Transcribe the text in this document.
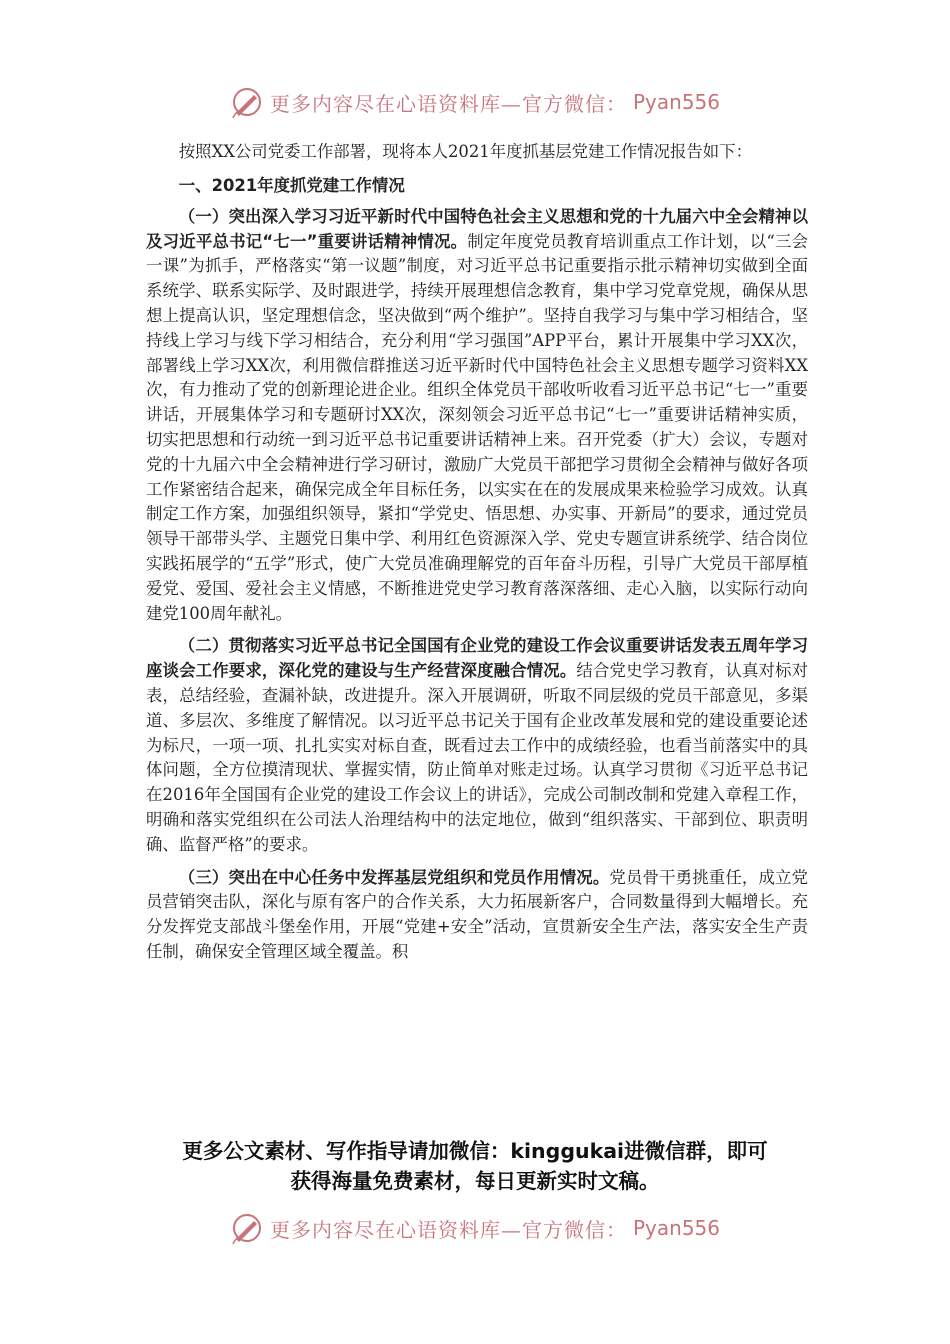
更多内容尽在心语资料库—官方微信： Pyan556

按照XX公司党委工作部署，现将本人2021年度抓基层党建工作情况报告如下：

一、2021年度抓党建工作情况

（一）突出深入学习习近平新时代中国特色社会主义思想和党的十九届六中全会精神以及习近平总书记“七一”重要讲话精神情况。制定年度党员教育培训重点工作计划，以“三会一课”为抓手，严格落实“第一议题”制度，对习近平总书记重要指示批示精神切实做到全面系统学、联系实际学、及时跟进学，持续开展理想信念教育，集中学习党章党规，确保从思想上提高认识，坚定理想信念，坚决做到“两个维护”。坚持自我学习与集中学习相结合，坚持线上学习与线下学习相结合，充分利用“学习强国”APP平台，累计开展集中学习XX次，部署线上学习XX次，利用微信群推送习近平新时代中国特色社会主义思想专题学习资料XX次，有力推动了党的创新理论进企业。组织全体党员干部收听收看习近平总书记“七一”重要讲话，开展集体学习和专题研讨XX次，深刻领会习近平总书记“七一”重要讲话精神实质，切实把思想和行动统一到习近平总书记重要讲话精神上来。召开党委（扩大）会议，专题对党的十九届六中全会精神进行学习研讨，激励广大党员干部把学习贯彻全会精神与做好各项工作紧密结合起来，确保完成全年目标任务，以实实在在的发展成果来检验学习成效。认真制定工作方案，加强组织领导，紧扣“学党史、悟思想、办实事、开新局”的要求，通过党员领导干部带头学、主题党日集中学、利用红色资源深入学、党史专题宣讲系统学、结合岗位实践拓展学的“五学”形式，使广大党员准确理解党的百年奋斗历程，引导广大党员干部厚植爱党、爱国、爱社会主义情感，不断推进党史学习教育落深落细、走心入脑，以实际行动向建党100周年献礼。

（二）贯彻落实习近平总书记全国国有企业党的建设工作会议重要讲话发表五周年学习座谈会工作要求，深化党的建设与生产经营深度融合情况。结合党史学习教育，认真对标对表，总结经验，查漏补缺，改进提升。深入开展调研，听取不同层级的党员干部意见，多渠道、多层次、多维度了解情况。以习近平总书记关于国有企业改革发展和党的建设重要论述为标尺，一项一项、扎扎实实对标自查，既看过去工作中的成绩经验，也看当前落实中的具体问题，全方位摸清现状、掌握实情，防止简单对账走过场。认真学习贯彻《习近平总书记在2016年全国国有企业党的建设工作会议上的讲话》，完成公司制改制和党建入章程工作，明确和落实党组织在公司法人治理结构中的法定地位，做到“组织落实、干部到位、职责明确、监督严格”的要求。

（三）突出在中心任务中发挥基层党组织和党员作用情况。党员骨干勇挑重任，成立党员营销突击队，深化与原有客户的合作关系，大力拓展新客户，合同数量得到大幅增长。充分发挥党支部战斗堡垒作用，开展“党建+安全”活动，宣贯新安全生产法，落实安全生产责任制，确保安全管理区域全覆盖。积

更多公文素材、写作指导请加微信：kinggukai进微信群，即可
获得海量免费素材，每日更新实时文稿。
更多内容尽在心语资料库—官方微信： Pyan556
